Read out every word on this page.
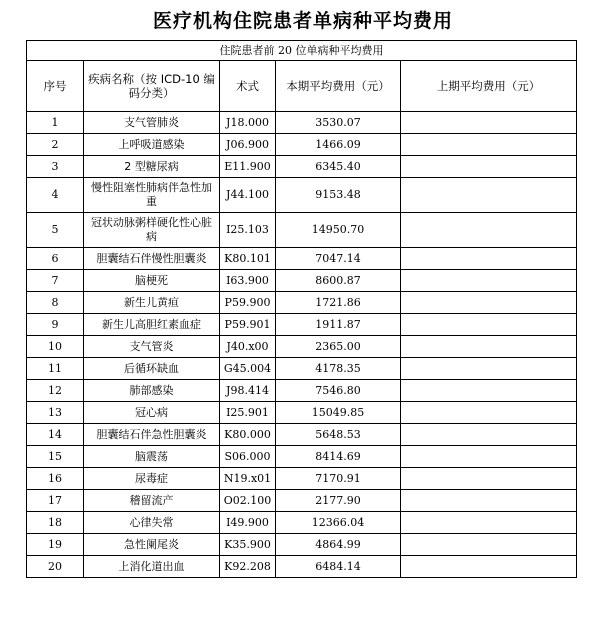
医疗机构住院患者单病种平均费用
住院患者前 20 位单病种平均费用				
序号	疾病名称（按 ICD-10 编码分类）	术式	本期平均费用（元）	上期平均费用（元）
1	支气管肺炎	J18.000	3530.07	
2	上呼吸道感染	J06.900	1466.09	
3	2 型糖尿病	E11.900	6345.40	
4	慢性阻塞性肺病伴急性加重	J44.100	9153.48	
5	冠状动脉粥样硬化性心脏病	I25.103	14950.70	
6	胆囊结石伴慢性胆囊炎	K80.101	7047.14	
7	脑梗死	I63.900	8600.87	
8	新生儿黄疸	P59.900	1721.86	
9	新生儿高胆红素血症	P59.901	1911.87	
10	支气管炎	J40.x00	2365.00	
11	后循环缺血	G45.004	4178.35	
12	肺部感染	J98.414	7546.80	
13	冠心病	I25.901	15049.85	
14	胆囊结石伴急性胆囊炎	K80.000	5648.53	
15	脑震荡	S06.000	8414.69	
16	尿毒症	N19.x01	7170.91	
17	稽留流产	O02.100	2177.90	
18	心律失常	I49.900	12366.04	
19	急性阑尾炎	K35.900	4864.99	
20	上消化道出血	K92.208	6484.14	
